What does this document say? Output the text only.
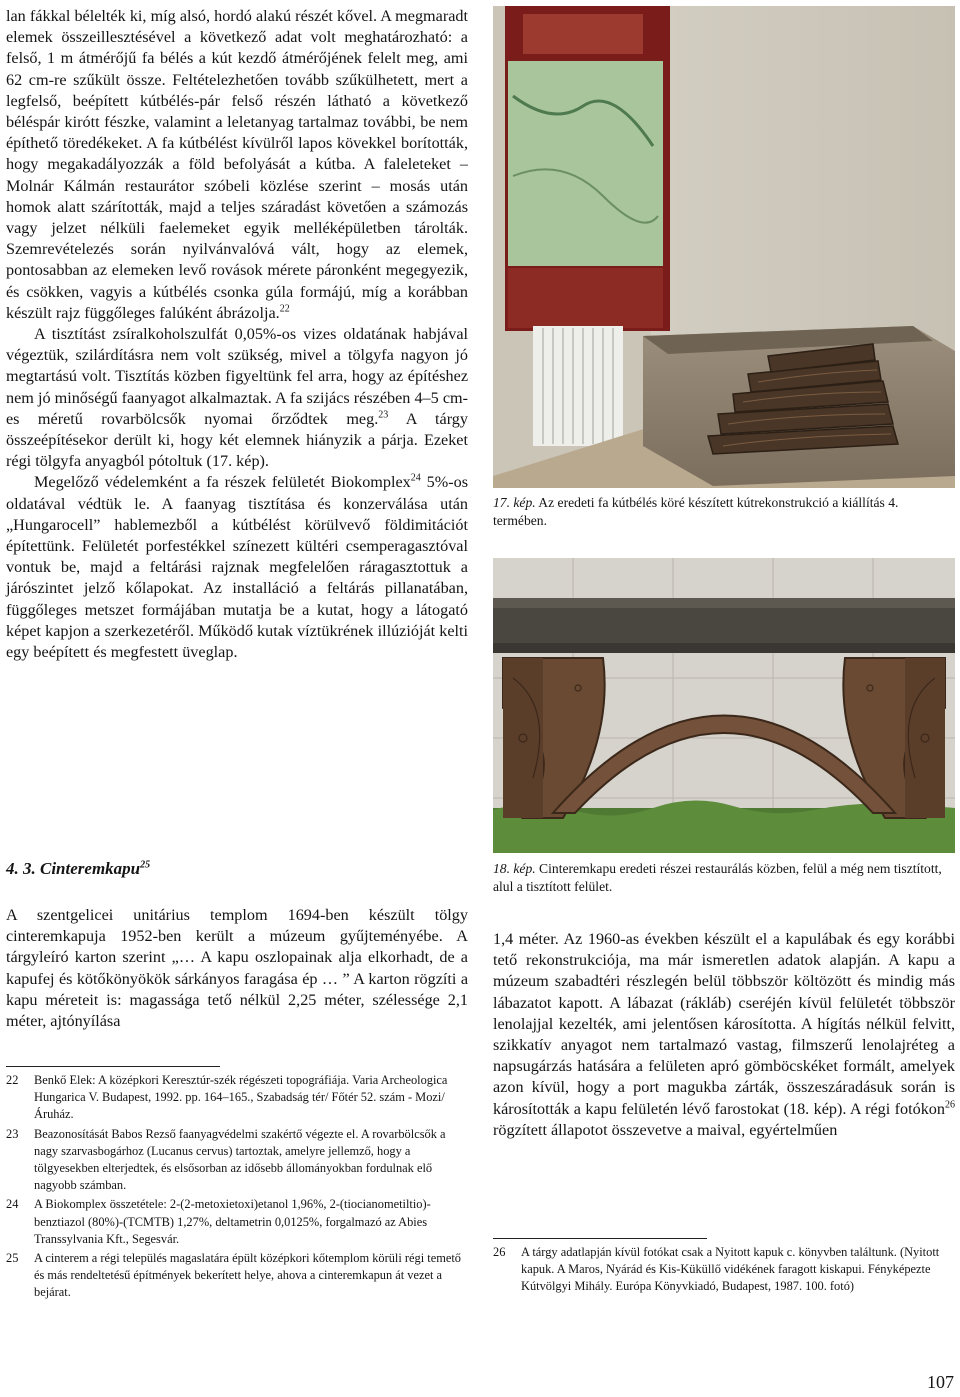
lan fákkal bélelték ki, míg alsó, hordó alakú részét kővel. A megmaradt elemek összeillesztésével a következő adat volt meghatározható: a felső, 1 m átmérőjű fa bélés a kút kezdő átmérőjének felelt meg, ami 62 cm-re szűkült össze. Feltételezhetően tovább szűkülhetett, mert a legfelső, beépített kútbélés-pár felső részén látható a következő béléspár kirótt fészke, valamint a leletanyag tartalmaz további, be nem építhető töredékeket. A fa kútbélést kívülről lapos kövekkel borították, hogy megakadályozzák a föld befolyását a kútba. A faleleteket – Molnár Kálmán restaurátor szóbeli közlése szerint – mosás után homok alatt szárították, majd a teljes száradást követően a számozás vagy jelzet nélküli faelemeket egyik melléképületben tárolták. Szemrevételezés során nyilvánvalóvá vált, hogy az elemek, pontosabban az elemeken levő rovások mérete páronként megegyezik, és csökken, vagyis a kútbélés csonka gúla formájú, míg a korábban készült rajz függőleges falúként ábrázolja.$^{22}$

A tisztítást zsíralkoholszulfát 0,05%-os vizes oldatának habjával végeztük, szilárdításra nem volt szükség, mivel a tölgyfa nagyon jó megtartású volt. Tisztítás közben figyeltünk fel arra, hogy az építéshez nem jó minőségű faanyagot alkalmaztak. A fa szijács részében 4–5 cm-es méretű rovarbölcsők nyomai őrződtek meg.$^{23}$ A tárgy összeépítésekor derült ki, hogy két elemnek hiányzik a párja. Ezeket régi tölgyfa anyagból pótoltuk (17. kép).

Megelőző védelemként a fa részek felületét Biokomplex$^{24}$ 5%-os oldatával védtük le. A faanyag tisztítása és konzerválása után „Hungarocell” hablemezből a kútbélést körülvevő földimitációt építettünk. Felületét porfestékkel színezett kültéri csemperagasztóval vontuk be, majd a feltárási rajznak megfelelően ráragasztottuk a járószintet jelző kőlapokat. Az installáció a feltárás pillanatában, függőleges metszet formájában mutatja be a kutat, hogy a látogató képet kapjon a szerkezetéről. Működő kutak víztükrének illúzióját kelti egy beépített és megfestett üveglap.

4. 3. Cinteremkapu$^{25}$

A szentgelicei unitárius templom 1694-ben készült tölgy cinteremkapuja 1952-ben került a múzeum gyűjteményébe. A tárgyleíró karton szerint „… A kapu oszlopainak alja elkorhadt, de a kapufej és kötőkönyökök sárkányos faragása ép … ” A karton rögzíti a kapu méreteit is: magassága tető nélkül 2,25 méter, szélessége 2,1 méter, ajtónyílása

22 Benkő Elek: A középkori Keresztúr-szék régészeti topográfiája. Varia Archeologica Hungarica V. Budapest, 1992. pp. 164–165., Szabadság tér/ Főtér 52. szám - Mozi/Áruház.

23 Beazonosítását Babos Rezső faanyagvédelmi szakértő végezte el. A rovarbölcsők a nagy szarvasbogárhoz (Lucanus cervus) tartoztak, amelyre jellemző, hogy a tölgyesekben elterjedtek, és elsősorban az idősebb állományokban fordulnak elő nagyobb számban.

24 A Biokomplex összetétele: 2-(2-metoxietoxi)etanol 1,96%, 2-(tiocianometiltio)-benztiazol (80%)-(TCMTB) 1,27%, deltametrin 0,0125%, forgalmazó az Abies Transsylvania Kft., Segesvár.

25 A cinterem a régi település magaslatára épült középkori kőtemplom körüli régi temető és más rendeltetésű építmények bekerített helye, ahova a cinteremkapun át vezet a bejárat.

17. kép. Az eredeti fa kútbélés köré készített kútrekonstrukció a kiállítás 4. termében.

18. kép. Cinteremkapu eredeti részei restaurálás közben, felül a még nem tisztított, alul a tisztított felület.

1,4 méter. Az 1960-as években készült el a kapulábak és egy korábbi tető rekonstrukciója, ma már ismeretlen adatok alapján. A kapu a múzeum szabadtéri részlegén belül többször költözött és mindig más lábazatot kapott. A lábazat (rákláb) cseréjén kívül felületét többször lenolajjal kezelték, ami jelentősen károsította. A hígítás nélkül felvitt, szikkatív anyagot nem tartalmazó vastag, filmszerű lenolajréteg a napsugárzás hatására a felületen apró gömböcskéket formált, amelyek azon kívül, hogy a port magukba zárták, összeszáradásuk során is károsították a kapu felületén lévő farostokat (18. kép). A régi fotókon$^{26}$ rögzített állapotot összevetve a maival, egyértelműen

26 A tárgy adatlapján kívül fotókat csak a Nyitott kapuk c. könyvben találtunk. (Nyitott kapuk. A Maros, Nyárád és Kis-Küküllő vidékének faragott kiskapui. Fényképezte Kútvölgyi Mihály. Európa Könyvkiadó, Budapest, 1987. 100. fotó)

107
